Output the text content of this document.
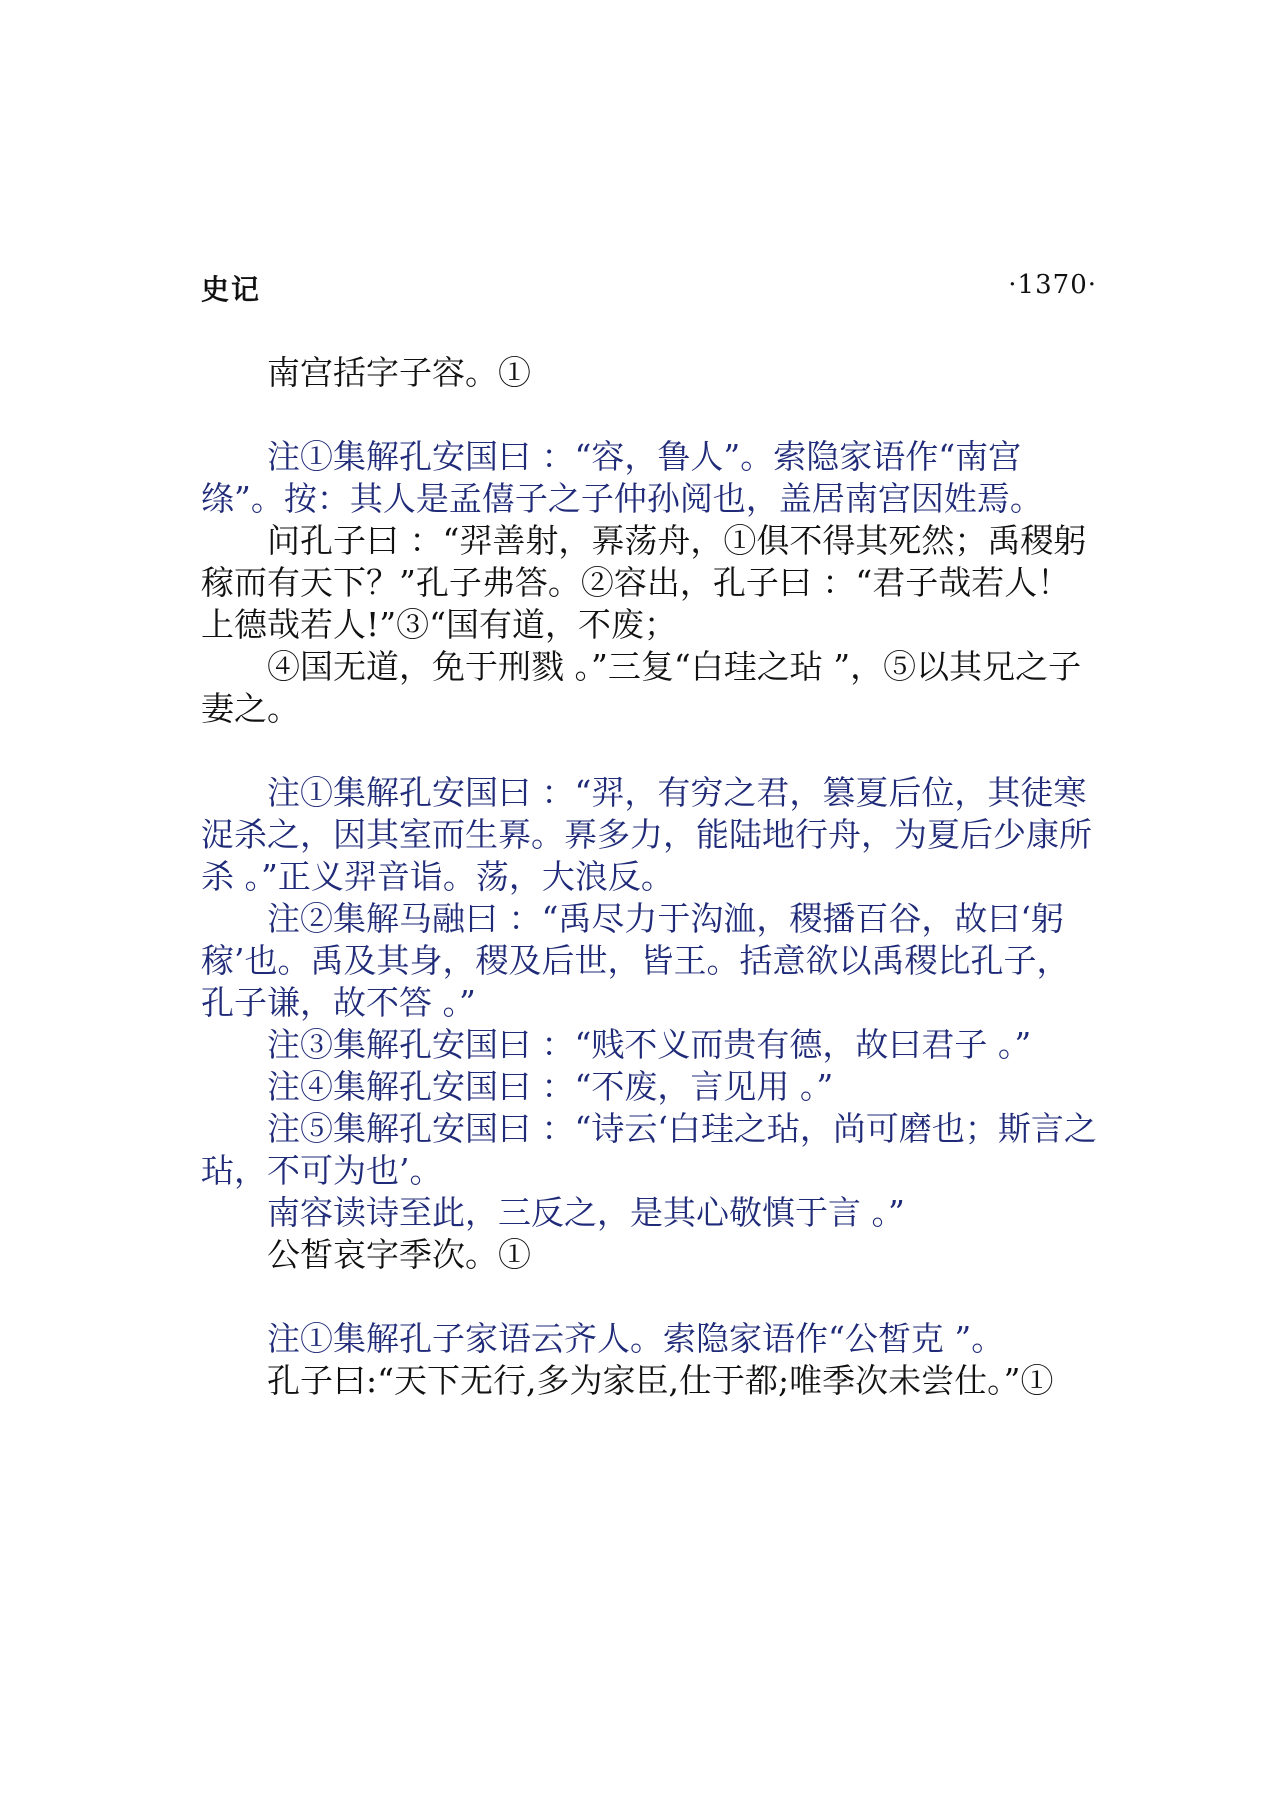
史记	·1370·

南宫括字子容。①

注①集解孔安国曰 ：“容，鲁人”。索隐家语作“南宫绦”。按：其人是孟僖子之子仲孙阅也，盖居南宫因姓焉。

问孔子曰 ：“羿善射，奡荡舟，①俱不得其死然；禹稷躬稼而有天下？”孔子弗答。②容出，孔子曰 ：“君子哉若人！上德哉若人!”③“国有道，不废；

④国无道，免于刑戮 。”三复“白珪之玷 ”，⑤以其兄之子妻之。

注①集解孔安国曰 ：“羿，有穷之君，篡夏后位，其徒寒浞杀之，因其室而生奡。奡多力，能陆地行舟，为夏后少康所杀 。”正义羿音诣。荡，大浪反。

注②集解马融曰 ：“禹尽力于沟洫，稷播百谷，故曰‘躬稼’也。禹及其身，稷及后世，皆王。括意欲以禹稷比孔子，孔子谦，故不答 。”

注③集解孔安国曰 ：“贱不义而贵有德，故曰君子 。”

注④集解孔安国曰 ：“不废，言见用 。”

注⑤集解孔安国曰 ：“诗云‘白珪之玷，尚可磨也；斯言之玷，不可为也’。

南容读诗至此，三反之，是其心敬慎于言 。”

公皙哀字季次。①

注①集解孔子家语云齐人。索隐家语作“公皙克 ”。

孔子曰:“天下无行,多为家臣,仕于都;唯季次未尝仕。”①
